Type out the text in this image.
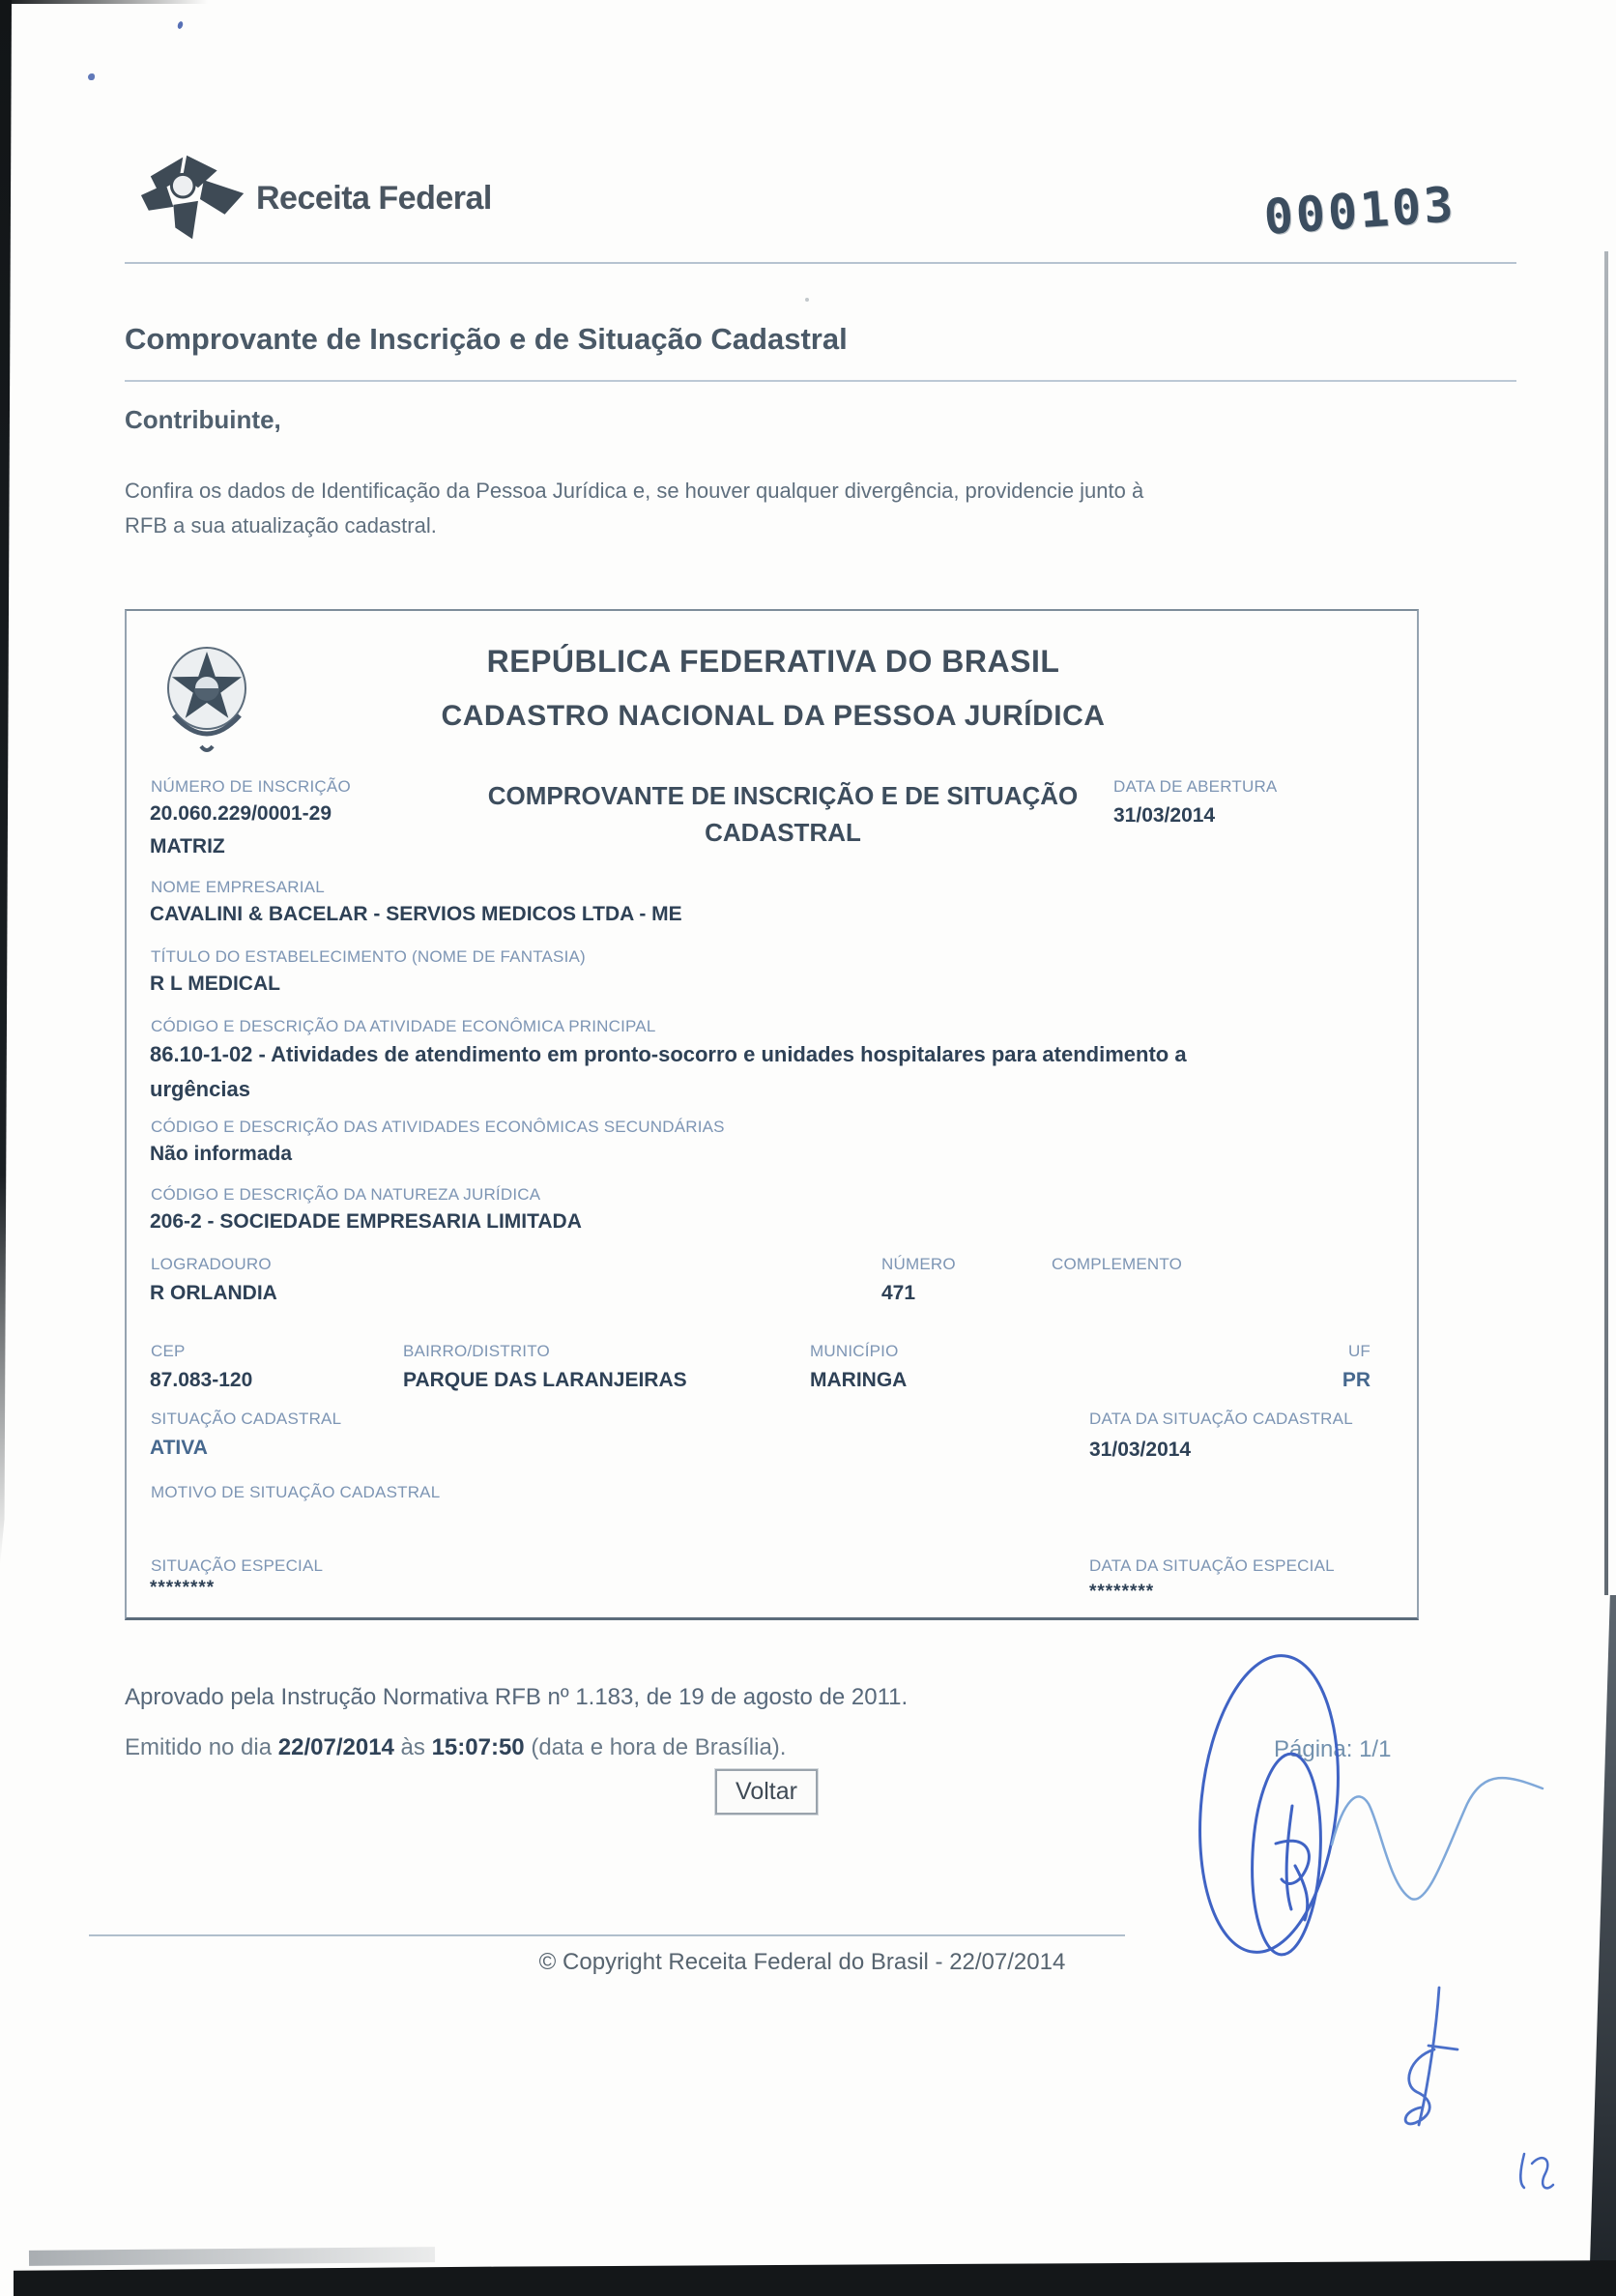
Receita Federal	000103
Comprovante de Inscrição e de Situação Cadastral
Contribuinte,
Confira os dados de Identificação da Pessoa Jurídica e, se houver qualquer divergência, providencie junto à
RFB a sua atualização cadastral.
REPÚBLICA FEDERATIVA DO BRASIL
CADASTRO NACIONAL DA PESSOA JURÍDICA
NÚMERO DE INSCRIÇÃO
20.060.229/0001-29
MATRIZ
COMPROVANTE DE INSCRIÇÃO E DE SITUAÇÃO
CADASTRAL
DATA DE ABERTURA
31/03/2014
NOME EMPRESARIAL
CAVALINI & BACELAR - SERVIOS MEDICOS LTDA - ME
TÍTULO DO ESTABELECIMENTO (NOME DE FANTASIA)
R L MEDICAL
CÓDIGO E DESCRIÇÃO DA ATIVIDADE ECONÔMICA PRINCIPAL
86.10-1-02 - Atividades de atendimento em pronto-socorro e unidades hospitalares para atendimento a
urgências
CÓDIGO E DESCRIÇÃO DAS ATIVIDADES ECONÔMICAS SECUNDÁRIAS
Não informada
CÓDIGO E DESCRIÇÃO DA NATUREZA JURÍDICA
206-2 - SOCIEDADE EMPRESARIA LIMITADA
LOGRADOURO
R ORLANDIA
NÚMERO
471
COMPLEMENTO
CEP
87.083-120
BAIRRO/DISTRITO
PARQUE DAS LARANJEIRAS
MUNICÍPIO
MARINGA
UF
PR
SITUAÇÃO CADASTRAL
ATIVA
DATA DA SITUAÇÃO CADASTRAL
31/03/2014
MOTIVO DE SITUAÇÃO CADASTRAL
SITUAÇÃO ESPECIAL
********
DATA DA SITUAÇÃO ESPECIAL
********
Aprovado pela Instrução Normativa RFB nº 1.183, de 19 de agosto de 2011.
Emitido no dia 22/07/2014 às 15:07:50 (data e hora de Brasília).
Voltar
Página: 1/1
© Copyright Receita Federal do Brasil - 22/07/2014
